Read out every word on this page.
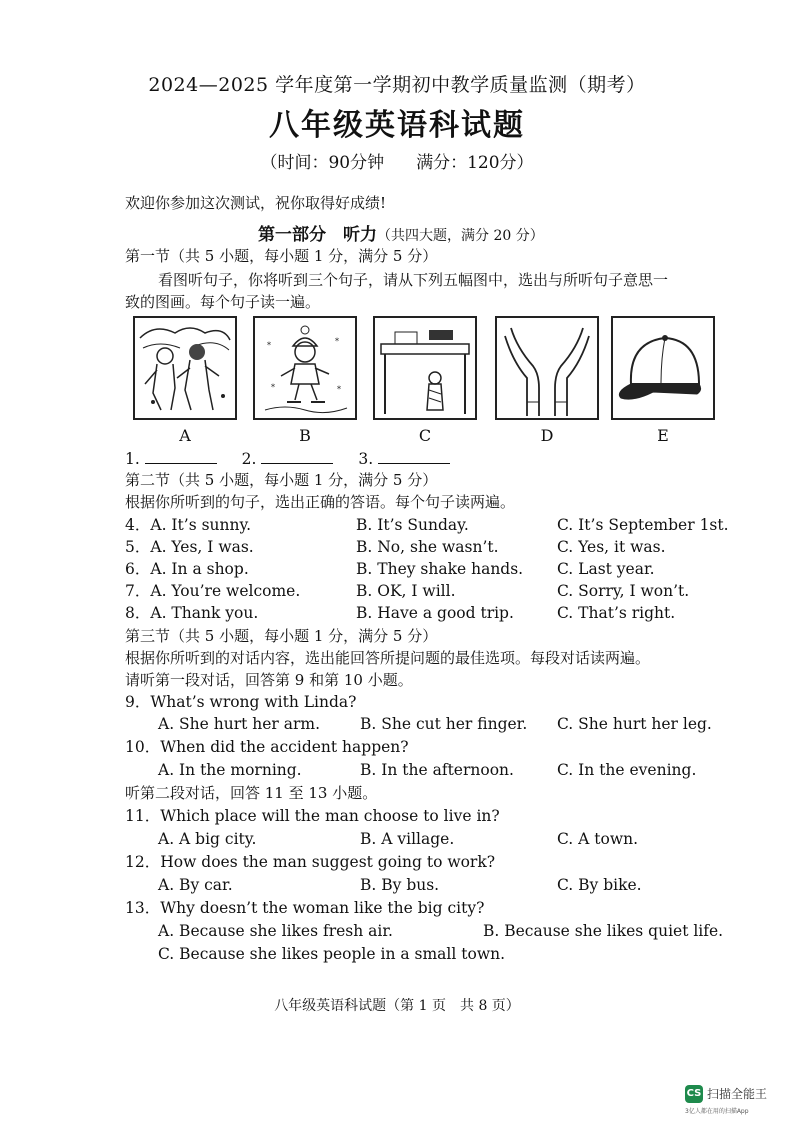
2024—2025 学年度第一学期初中教学质量监测（期考）
八年级英语科试题
（时间：90分钟 满分：120分）
欢迎你参加这次测试，祝你取得好成绩!
第一部分　听力（共四大题，满分 20 分）
第一节（共 5 小题，每小题 1 分，满分 5 分）
看图听句子，你将听到三个句子，请从下列五幅图中，选出与所听句子意思一
致的图画。每个句子读一遍。
A
*	*
*	*
B	C	D	E
1.	2.	3.
第二节（共 5 小题，每小题 1 分，满分 5 分）
根据你所听到的句子，选出正确的答语。每个句子读两遍。
4．A. It’s sunny.	B. It’s Sunday.	C. It’s September 1st.
5．A. Yes, I was.	B. No, she wasn’t.	C. Yes, it was.
6．A. In a shop.	B. They shake hands. C. Last year.
7．A. You’re welcome.	B. OK, I will.	C. Sorry, I won’t.
8．A. Thank you.	B. Have a good trip.	C. That’s right.
第三节（共 5 小题，每小题 1 分，满分 5 分）
根据你所听到的对话内容，选出能回答所提问题的最佳选项。每段对话读两遍。
请听第一段对话，回答第 9 和第 10 小题。
9．What’s wrong with Linda?
A. She hurt her arm.	B. She cut her finger. C. She hurt her leg.
10．When did the accident happen?
A. In the morning.	B. In the afternoon.	C. In the evening.
听第二段对话，回答 11 至 13 小题。
11．Which place will the man choose to live in?
A. A big city.	B. A village.	C. A town.
12．How does the man suggest going to work?
A. By car.	B. By bus.	C. By bike.
13．Why doesn’t the woman like the big city?
A. Because she likes fresh air.	B. Because she likes quiet life.
C. Because she likes people in a small town.
八年级英语科试题（第 1 页　共 8 页）
CS 扫描全能王
3亿人都在用的扫描App
